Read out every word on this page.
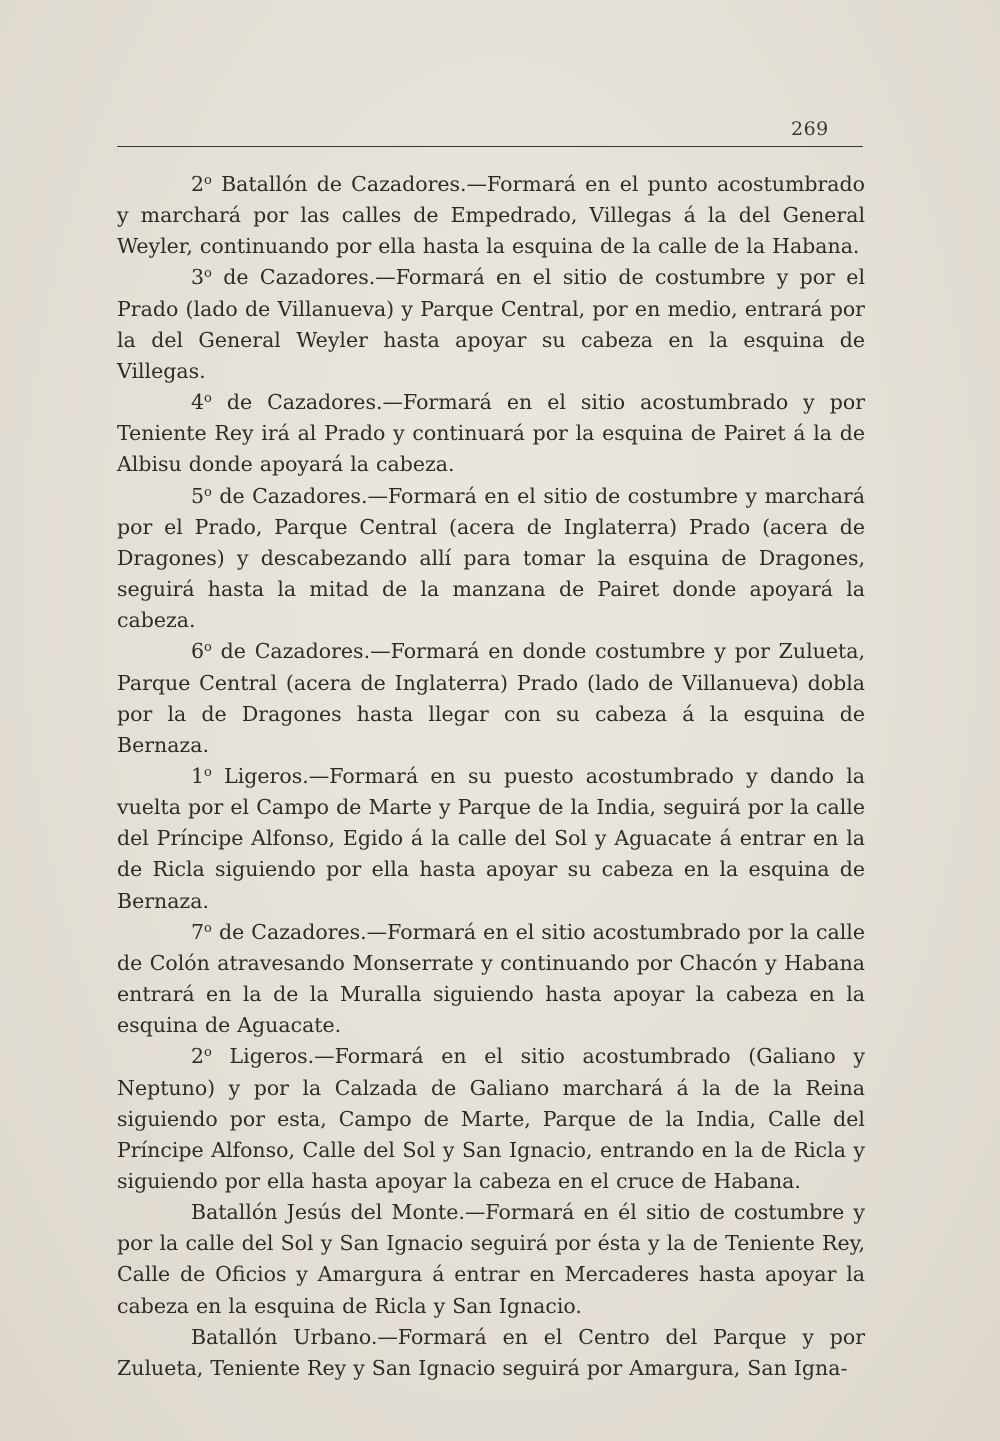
269

2$^o$ Batallón de Cazadores.—Formará en el punto acostumbrado y marchará por las calles de Empedrado, Villegas á la del General Weyler, continuando por ella hasta la esquina de la calle de la Habana.

3$^o$ de Cazadores.—Formará en el sitio de costumbre y por el Prado (lado de Villanueva) y Parque Central, por en medio, entrará por la del General Weyler hasta apoyar su cabeza en la esquina de Villegas.

4$^o$ de Cazadores.—Formará en el sitio acostumbrado y por Teniente Rey irá al Prado y continuará por la esquina de Pairet á la de Albisu donde apoyará la cabeza.

5$^o$ de Cazadores.—Formará en el sitio de costumbre y marchará por el Prado, Parque Central (acera de Inglaterra) Prado (acera de Dragones) y descabezando allí para tomar la esquina de Dragones, seguirá hasta la mitad de la manzana de Pairet donde apoyará la cabeza.

6$^o$ de Cazadores.—Formará en donde costumbre y por Zulueta, Parque Central (acera de Inglaterra) Prado (lado de Villanueva) dobla por la de Dragones hasta llegar con su cabeza á la esquina de Bernaza.

1$^o$ Ligeros.—Formará en su puesto acostumbrado y dando la vuelta por el Campo de Marte y Parque de la India, seguirá por la calle del Príncipe Alfonso, Egido á la calle del Sol y Aguacate á entrar en la de Ricla siguiendo por ella hasta apoyar su cabeza en la esquina de Bernaza.

7$^o$ de Cazadores.—Formará en el sitio acostumbrado por la calle de Colón atravesando Monserrate y continuando por Chacón y Habana entrará en la de la Muralla siguiendo hasta apoyar la cabeza en la esquina de Aguacate.

2$^o$ Ligeros.—Formará en el sitio acostumbrado (Galiano y Neptuno) y por la Calzada de Galiano marchará á la de la Reina siguiendo por esta, Campo de Marte, Parque de la India, Calle del Príncipe Alfonso, Calle del Sol y San Ignacio, entrando en la de Ricla y siguiendo por ella hasta apoyar la cabeza en el cruce de Habana.

Batallón Jesús del Monte.—Formará en él sitio de costumbre y por la calle del Sol y San Ignacio seguirá por ésta y la de Teniente Rey, Calle de Oficios y Amargura á entrar en Mercaderes hasta apoyar la cabeza en la esquina de Ricla y San Ignacio.

Batallón Urbano.—Formará en el Centro del Parque y por Zulueta, Teniente Rey y San Ignacio seguirá por Amargura, San Igna-
